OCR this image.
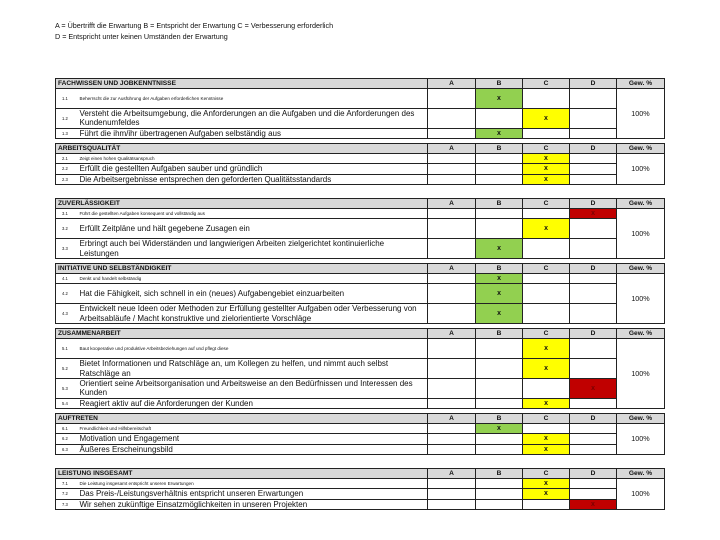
A = Übertrifft die Erwartung B = Entspricht der Erwartung C = Verbesserung erforderlich
D = Entspricht unter keinen Umständen der Erwartung
FACHWISSEN UND JOBKENNTNISSE		A	B	C	D	Gew. %
1.1	Beherrscht die zur Ausführung der Aufgaben erforderlichen Kenntnisse		x			100%
1.2	Versteht die Arbeitsumgebung, die Anforderungen an die Aufgaben und die Anforderungen des Kundenumfeldes			x		
1.3	Führt die ihm/ihr übertragenen Aufgaben selbständig aus		x			
ARBEITSQUALITÄT		A	B	C	D	Gew. %
2.1	Zeigt einen hohen Qualitätsanspruch			x		100%
2.2	Erfüllt die gestellten Aufgaben sauber und gründlich			x		
2.3	Die Arbeitsergebnisse entsprechen den geforderten Qualitätsstandards			x		
ZUVERLÄSSIGKEIT		A	B	C	D	Gew. %
3.1	Führt die gestellten Aufgaben konsequent und vollständig aus				x	100%
3.2	Erfüllt Zeitpläne und hält gegebene Zusagen ein			x		
3.3	Erbringt auch bei Widerständen und langwierigen Arbeiten zielgerichtet kontinuierliche Leistungen		x			
INITIATIVE UND SELBSTÄNDIGKEIT		A	B	C	D	Gew. %
4.1	Denkt und handelt selbständig		x			100%
4.2	Hat die Fähigkeit, sich schnell in ein (neues) Aufgabengebiet einzuarbeiten		x			
4.3	Entwickelt neue Ideen oder Methoden zur Erfüllung gestellter Aufgaben oder Verbesserung von Arbeitsabläufe / Macht konstruktive und zielorientierte Vorschläge		x			
ZUSAMMENARBEIT		A	B	C	D	Gew. %
5.1	Baut kooperative und produktive Arbeitsbeziehungen auf und pflegt diese			x		100%
5.2	Bietet Informationen und Ratschläge an, um Kollegen zu helfen, und nimmt auch selbst Ratschläge an			x		
5.3	Orientiert seine Arbeitsorganisation und Arbeitsweise an den Bedürfnissen und Interessen des Kunden				x	
5.4	Reagiert aktiv auf die Anforderungen der Kunden			x		
AUFTRETEN		A	B	C	D	Gew. %
6.1	Freundlichkeit und Hilfsbereitschaft		x			100%
6.2	Motivation und Engagement			x		
6.3	Äußeres Erscheinungsbild			x		
LEISTUNG INSGESAMT		A	B	C	D	Gew. %
7.1	Die Leistung insgesamt entspricht unseren Erwartungen			x		100%
7.2	Das Preis-/Leistungsverhältnis entspricht unseren Erwartungen			x		
7.3	Wir sehen zukünftige Einsatzmöglichkeiten in unseren Projekten				x	
